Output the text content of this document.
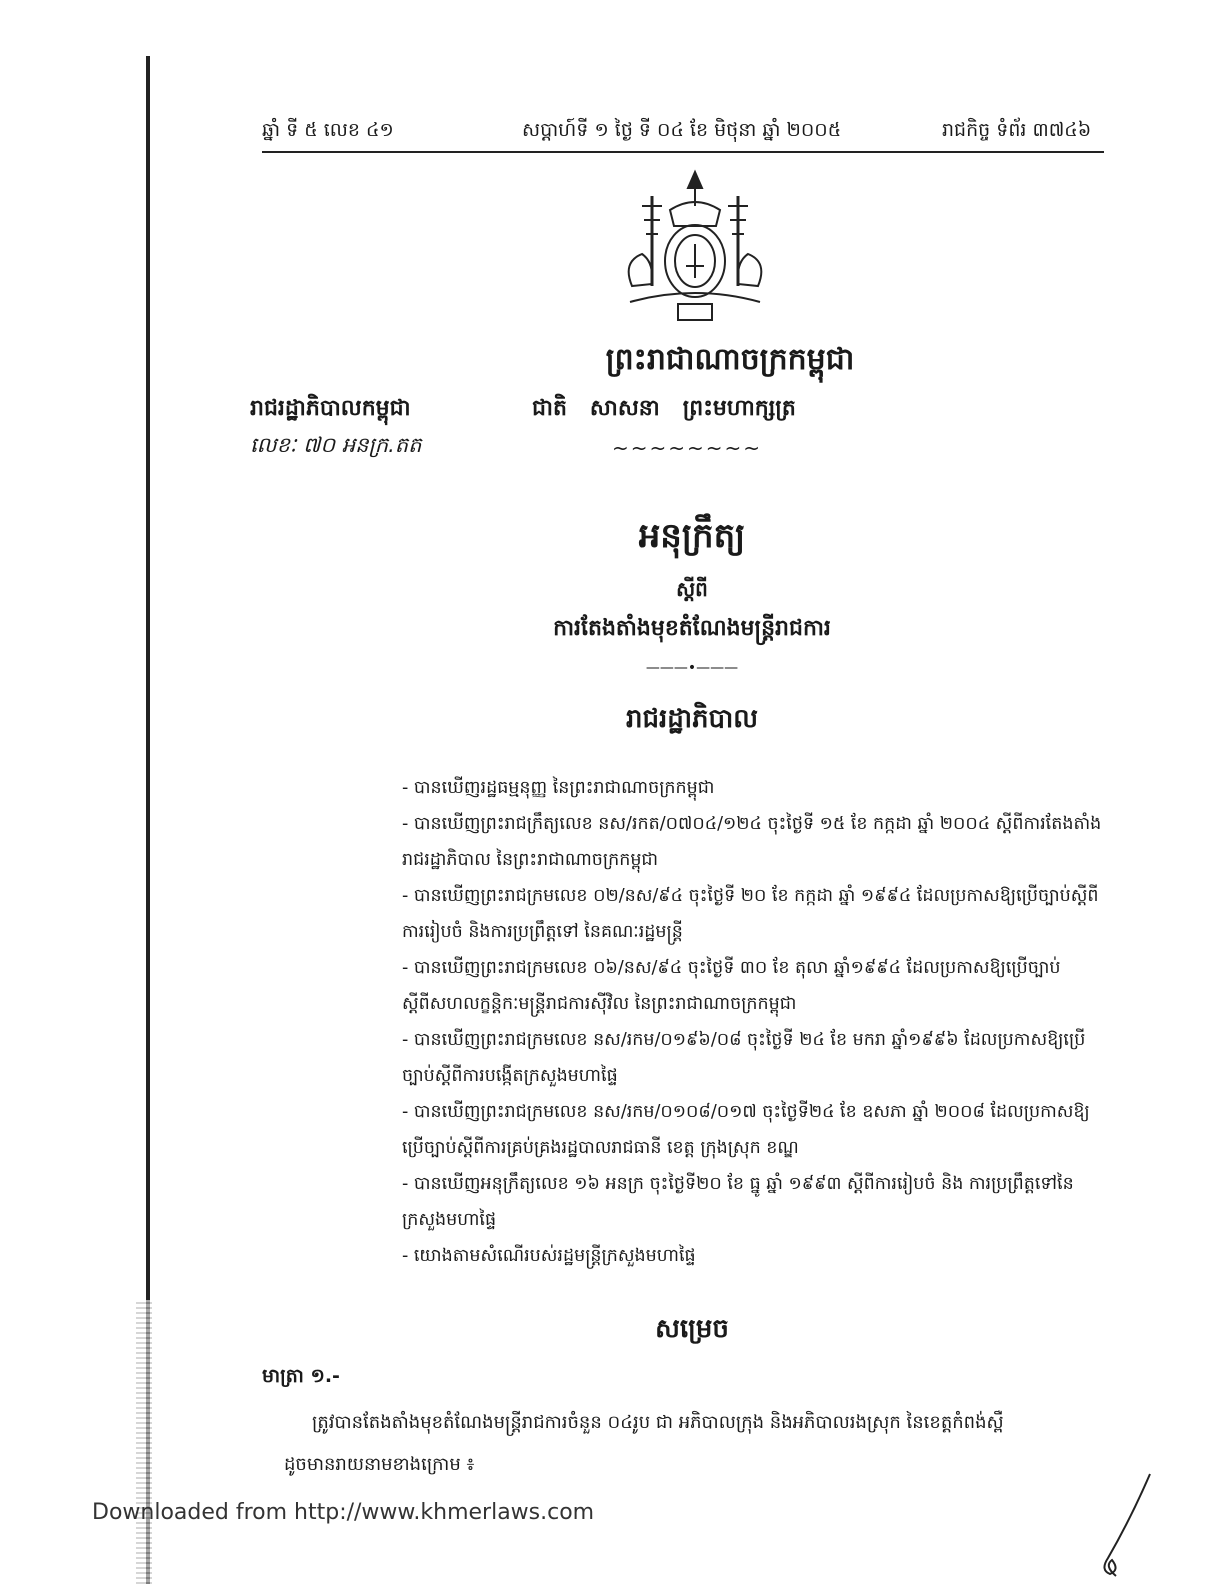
ឆ្នាំ ទី ៥ លេខ ៤១	សប្តាហ៍ទី ១ ថ្ងៃ ទី ០៤ ខែ មិថុនា ឆ្នាំ ២០០៥	រាជកិច្ច ទំព័រ ៣៧៤៦
ព្រះរាជាណាចក្រកម្ពុជា
រាជរដ្ឋាភិបាលកម្ពុជា	ជាតិ   សាសនា   ព្រះមហាក្សត្រ
លេខៈ ៧០ អនក្រ.តត	~~~~~~~~
អនុក្រឹត្យ
ស្តីពី
ការតែងតាំងមុខតំណែងមន្ត្រីរាជការ
———•———
រាជរដ្ឋាភិបាល
- បានឃើញរដ្ឋធម្មនុញ្ញ នៃព្រះរាជាណាចក្រកម្ពុជា
- បានឃើញព្រះរាជក្រឹត្យលេខ នស/រកត/០៧០៤/១២៤ ចុះថ្ងៃទី ១៥ ខែ កក្កដា ឆ្នាំ ២០០៤ ស្តីពីការតែងតាំងរាជរដ្ឋាភិបាល នៃព្រះរាជាណាចក្រកម្ពុជា
- បានឃើញព្រះរាជក្រមលេខ ០២/នស/៩៤ ចុះថ្ងៃទី ២០ ខែ កក្កដា ឆ្នាំ ១៩៩៤ ដែលប្រកាសឱ្យប្រើច្បាប់ស្តីពីការរៀបចំ និងការប្រព្រឹត្តទៅ នៃគណៈរដ្ឋមន្ត្រី
- បានឃើញព្រះរាជក្រមលេខ ០៦/នស/៩៤ ចុះថ្ងៃទី ៣០ ខែ តុលា ឆ្នាំ១៩៩៤ ដែលប្រកាសឱ្យប្រើច្បាប់ស្តីពីសហលក្ខន្តិកៈមន្ត្រីរាជការស៊ីវិល នៃព្រះរាជាណាចក្រកម្ពុជា
- បានឃើញព្រះរាជក្រមលេខ នស/រកម/០១៩៦/០៨ ចុះថ្ងៃទី ២៤ ខែ មករា ឆ្នាំ១៩៩៦ ដែលប្រកាសឱ្យប្រើច្បាប់ស្តីពីការបង្កើតក្រសួងមហាផ្ទៃ
- បានឃើញព្រះរាជក្រមលេខ នស/រកម/០១០៨/០១៧ ចុះថ្ងៃទី២៤ ខែ ឧសភា ឆ្នាំ ២០០៨ ដែលប្រកាសឱ្យប្រើច្បាប់ស្តីពីការគ្រប់គ្រងរដ្ឋបាលរាជធានី ខេត្ត ក្រុងស្រុក ខណ្ឌ
- បានឃើញអនុក្រឹត្យលេខ ១៦ អនក្រ ចុះថ្ងៃទី២០ ខែ ធ្នូ ឆ្នាំ ១៩៩៣ ស្តីពីការរៀបចំ និង ការប្រព្រឹត្តទៅនៃក្រសួងមហាផ្ទៃ
- យោងតាមសំណើរបស់រដ្ឋមន្ត្រីក្រសួងមហាផ្ទៃ
សម្រេច
មាត្រា ១.-
ត្រូវបានតែងតាំងមុខតំណែងមន្ត្រីរាជការចំនួន ០៤រូប ជា អភិបាលក្រុង និងអភិបាលរងស្រុក នៃខេត្តកំពង់ស្ពឺ
ដូចមានរាយនាមខាងក្រោម ៖
Downloaded from http://www.khmerlaws.com
